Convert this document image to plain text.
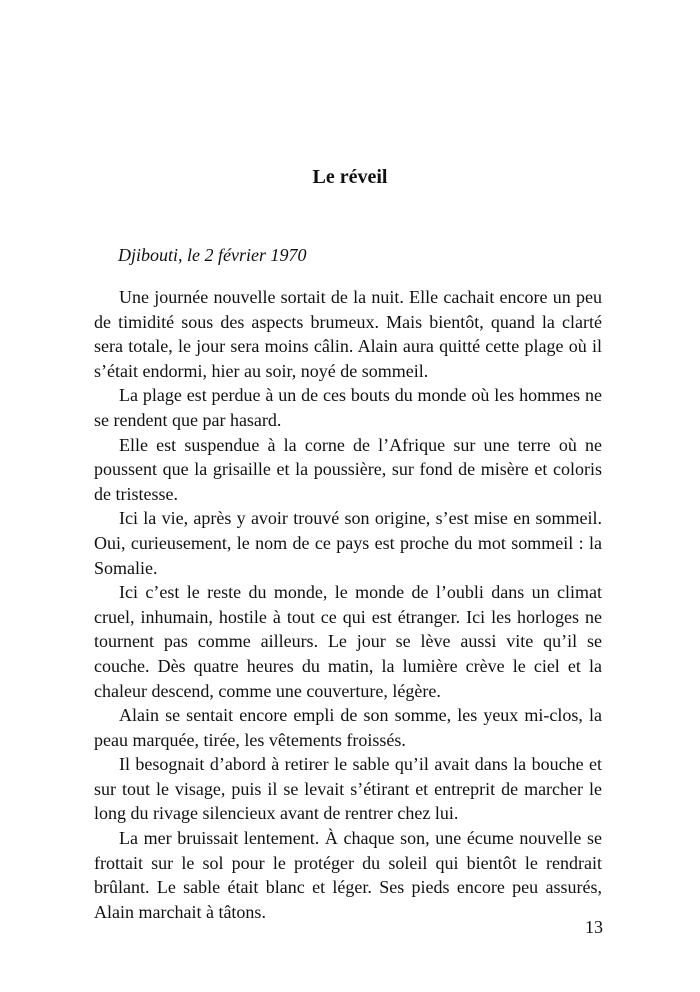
Le réveil
Djibouti, le 2 février 1970

Une journée nouvelle sortait de la nuit. Elle cachait encore un peu de timidité sous des aspects brumeux. Mais bientôt, quand la clarté sera totale, le jour sera moins câlin. Alain aura quitté cette plage où il s’était endormi, hier au soir, noyé de sommeil.

La plage est perdue à un de ces bouts du monde où les hommes ne se rendent que par hasard.

Elle est suspendue à la corne de l’Afrique sur une terre où ne poussent que la grisaille et la poussière, sur fond de misère et coloris de tristesse.

Ici la vie, après y avoir trouvé son origine, s’est mise en sommeil. Oui, curieusement, le nom de ce pays est proche du mot sommeil : la Somalie.

Ici c’est le reste du monde, le monde de l’oubli dans un climat cruel, inhumain, hostile à tout ce qui est étranger. Ici les horloges ne tournent pas comme ailleurs. Le jour se lève aussi vite qu’il se couche. Dès quatre heures du matin, la lumière crève le ciel et la chaleur descend, comme une couverture, légère.

Alain se sentait encore empli de son somme, les yeux mi-clos, la peau marquée, tirée, les vêtements froissés.

Il besognait d’abord à retirer le sable qu’il avait dans la bouche et sur tout le visage, puis il se levait s’étirant et entreprit de marcher le long du rivage silencieux avant de rentrer chez lui.

La mer bruissait lentement. À chaque son, une écume nouvelle se frottait sur le sol pour le protéger du soleil qui bientôt le rendrait brûlant. Le sable était blanc et léger. Ses pieds encore peu assurés, Alain marchait à tâtons.

13
